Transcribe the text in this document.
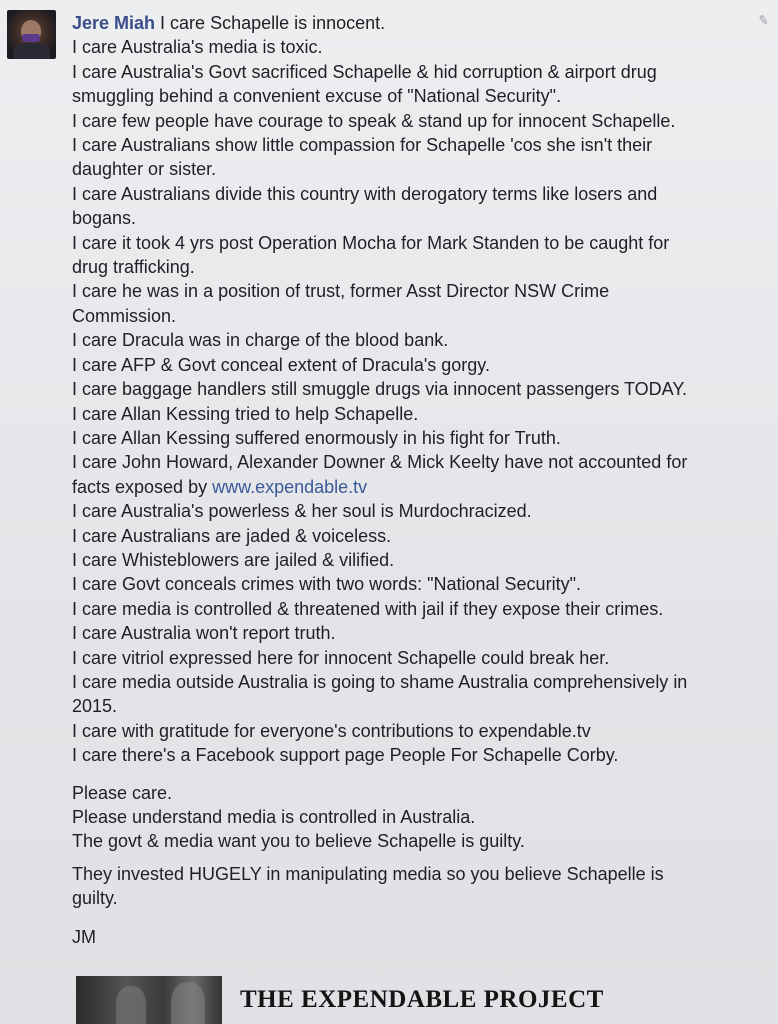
✎

Jere Miah I care Schapelle is innocent.

I care Australia's media is toxic.

I care Australia's Govt sacrificed Schapelle & hid corruption & airport drug

smuggling behind a convenient excuse of "National Security".

I care few people have courage to speak & stand up for innocent Schapelle.

I care Australians show little compassion for Schapelle 'cos she isn't their

daughter or sister.

I care Australians divide this country with derogatory terms like losers and

bogans.

I care it took 4 yrs post Operation Mocha for Mark Standen to be caught for

drug trafficking.

I care he was in a position of trust, former Asst Director NSW Crime

Commission.

I care Dracula was in charge of the blood bank.

I care AFP & Govt conceal extent of Dracula's gorgy.

I care baggage handlers still smuggle drugs via innocent passengers TODAY.

I care Allan Kessing tried to help Schapelle.

I care Allan Kessing suffered enormously in his fight for Truth.

I care John Howard, Alexander Downer & Mick Keelty have not accounted for

facts exposed by www.expendable.tv

I care Australia's powerless & her soul is Murdochracized.

I care Australians are jaded & voiceless.

I care Whisteblowers are jailed & vilified.

I care Govt conceals crimes with two words: "National Security".

I care media is controlled & threatened with jail if they expose their crimes.

I care Australia won't report truth.

I care vitriol expressed here for innocent Schapelle could break her.

I care media outside Australia is going to shame Australia comprehensively in

2015.

I care with gratitude for everyone's contributions to expendable.tv

I care there's a Facebook support page People For Schapelle Corby.

Please care.

Please understand media is controlled in Australia.

The govt & media want you to believe Schapelle is guilty.

They invested HUGELY in manipulating media so you believe Schapelle is

guilty.

JM

THE EXPENDABLE PROJECT
